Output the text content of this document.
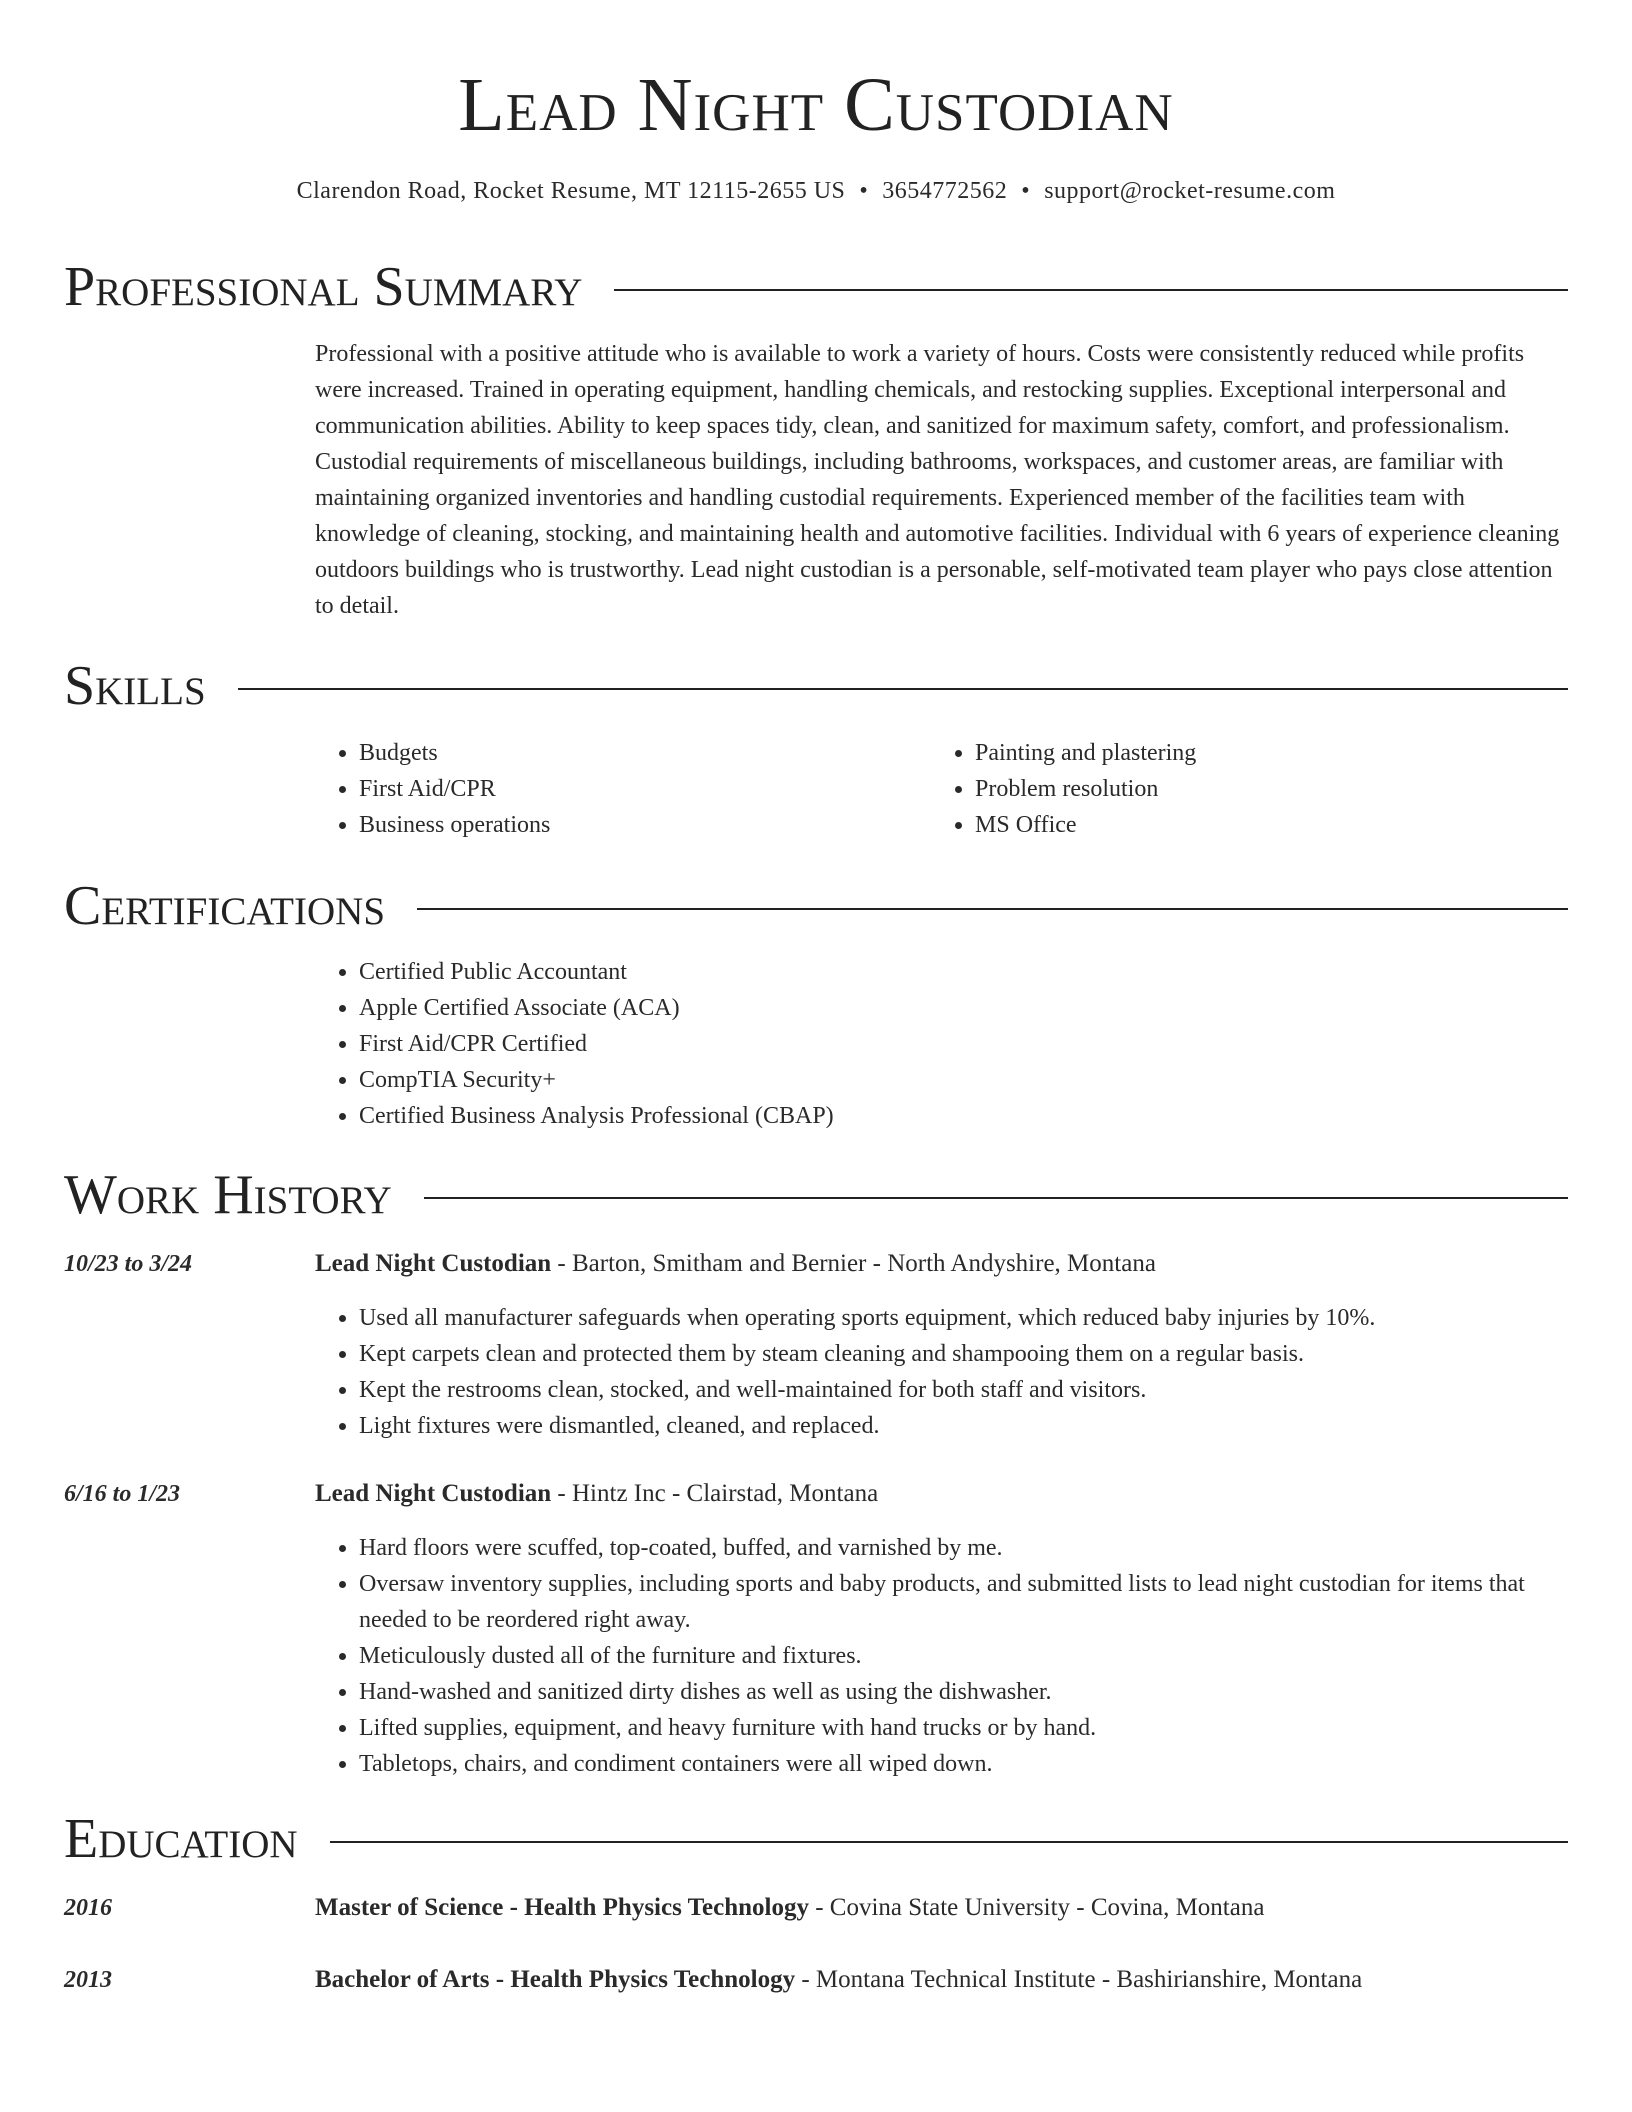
Lead Night Custodian
Clarendon Road, Rocket Resume, MT 12115-2655 US • 3654772562 • support@rocket-resume.com
Professional Summary

Professional with a positive attitude who is available to work a variety of hours. Costs were consistently reduced while profits were increased. Trained in operating equipment, handling chemicals, and restocking supplies. Exceptional interpersonal and communication abilities. Ability to keep spaces tidy, clean, and sanitized for maximum safety, comfort, and professionalism. Custodial requirements of miscellaneous buildings, including bathrooms, workspaces, and customer areas, are familiar with maintaining organized inventories and handling custodial requirements. Experienced member of the facilities team with knowledge of cleaning, stocking, and maintaining health and automotive facilities. Individual with 6 years of experience cleaning outdoors buildings who is trustworthy. Lead night custodian is a personable, self-motivated team player who pays close attention to detail.

Skills
• Budgets
• First Aid/CPR
• Business operations
• Painting and plastering
• Problem resolution
• MS Office
Certifications
• Certified Public Accountant
• Apple Certified Associate (ACA)
• First Aid/CPR Certified
• CompTIA Security+
• Certified Business Analysis Professional (CBAP)
Work History
10/23 to 3/24	Lead Night Custodian - Barton, Smitham and Bernier - North Andyshire, Montana
• Used all manufacturer safeguards when operating sports equipment, which reduced baby injuries by 10%.
• Kept carpets clean and protected them by steam cleaning and shampooing them on a regular basis.
• Kept the restrooms clean, stocked, and well-maintained for both staff and visitors.
• Light fixtures were dismantled, cleaned, and replaced.
6/16 to 1/23	Lead Night Custodian - Hintz Inc - Clairstad, Montana
• Hard floors were scuffed, top-coated, buffed, and varnished by me.
• Oversaw inventory supplies, including sports and baby products, and submitted lists to lead night custodian for items that needed to be reordered right away.
• Meticulously dusted all of the furniture and fixtures.
• Hand-washed and sanitized dirty dishes as well as using the dishwasher.
• Lifted supplies, equipment, and heavy furniture with hand trucks or by hand.
• Tabletops, chairs, and condiment containers were all wiped down.
Education
2016	Master of Science - Health Physics Technology - Covina State University - Covina, Montana
2013	Bachelor of Arts - Health Physics Technology - Montana Technical Institute - Bashirianshire, Montana
